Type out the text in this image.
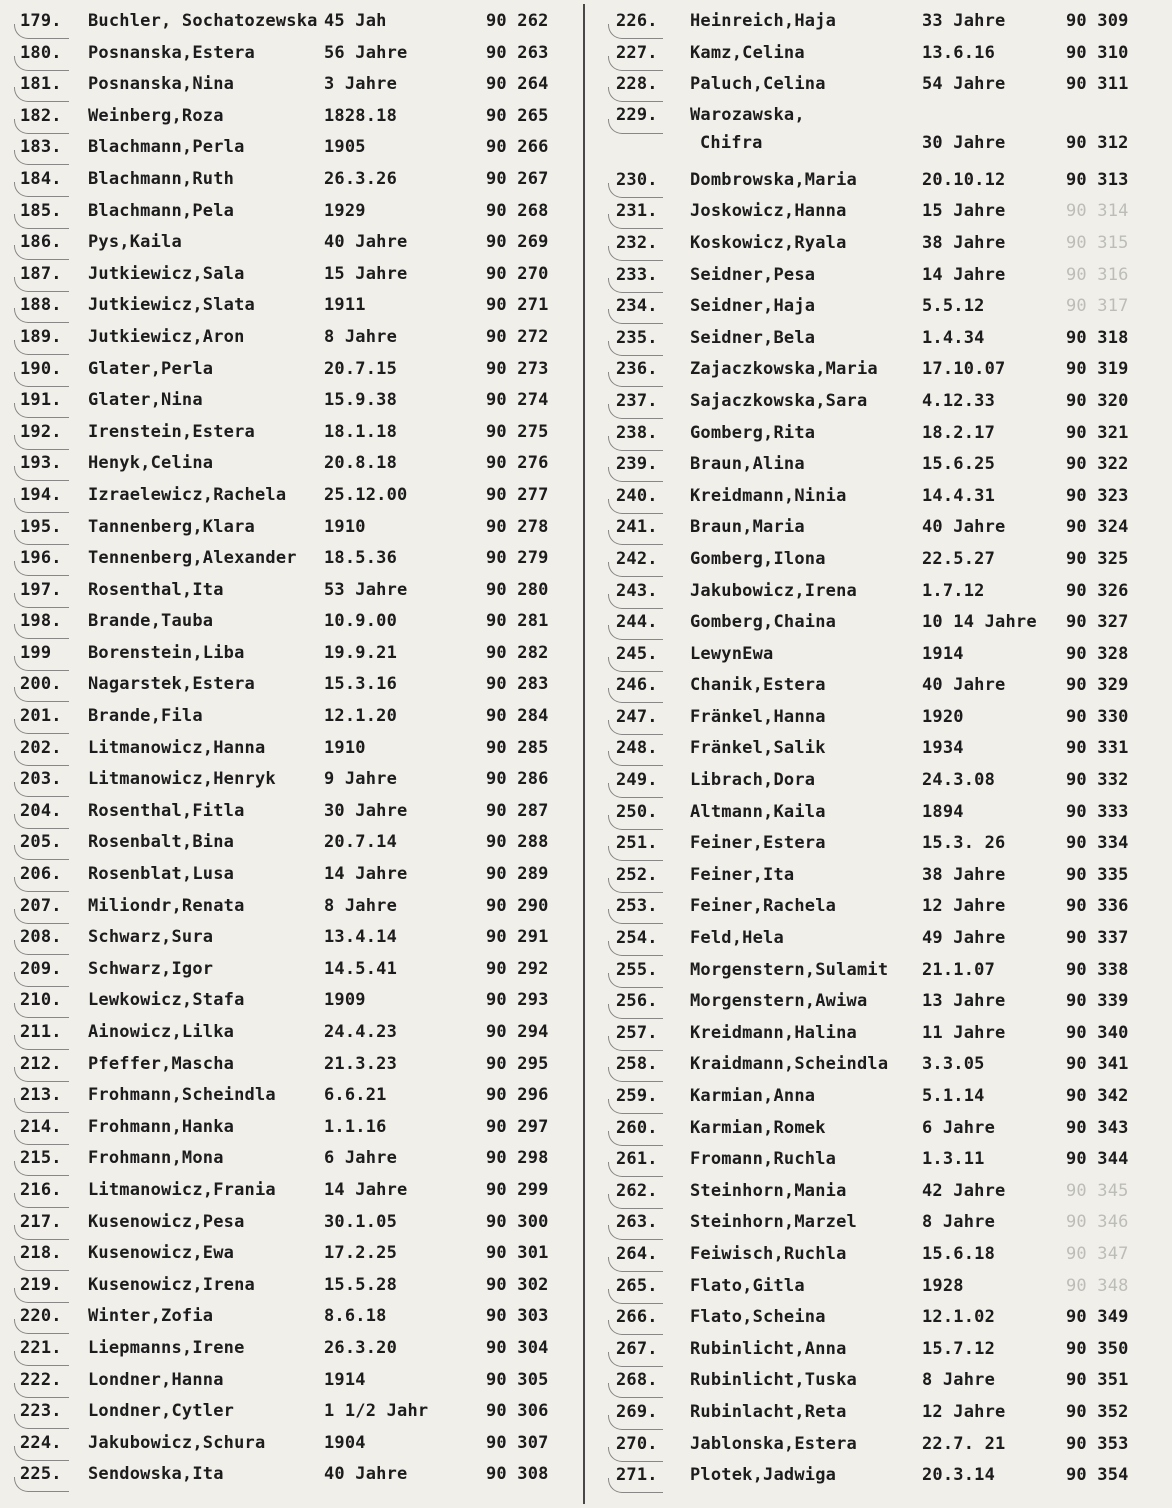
179.	Buchler, Sochatozewska 45 Jah	90 262
180.	Posnanska,Estera	56 Jahre	90 263
181.	Posnanska,Nina	3 Jahre	90 264
182.	Weinberg,Roza	1828.18	90 265
183.	Blachmann,Perla	1905	90 266
184.	Blachmann,Ruth	26.3.26	90 267
185.	Blachmann,Pela	1929	90 268
186.	Pys,Kaila	40 Jahre	90 269
187.	Jutkiewicz,Sala	15 Jahre	90 270
188.	Jutkiewicz,Slata	1911	90 271
189.	Jutkiewicz,Aron	8 Jahre	90 272
190.	Glater,Perla	20.7.15	90 273
191.	Glater,Nina	15.9.38	90 274
192.	Irenstein,Estera	18.1.18	90 275
193.	Henyk,Celina	20.8.18	90 276
194.	Izraelewicz,Rachela 25.12.00	90 277
195.	Tannenberg,Klara	1910	90 278
196.	Tennenberg,Alexander 18.5.36	90 279
197.	Rosenthal,Ita	53 Jahre	90 280
198.	Brande,Tauba	10.9.00	90 281
199	Borenstein,Liba	19.9.21	90 282
200.	Nagarstek,Estera	15.3.16	90 283
201.	Brande,Fila	12.1.20	90 284
202.	Litmanowicz,Hanna	1910	90 285
203.	Litmanowicz,Henryk	9 Jahre	90 286
204.	Rosenthal,Fitla	30 Jahre	90 287
205.	Rosenbalt,Bina	20.7.14	90 288
206.	Rosenblat,Lusa	14 Jahre	90 289
207.	Miliondr,Renata	8 Jahre	90 290
208.	Schwarz,Sura	13.4.14	90 291
209.	Schwarz,Igor	14.5.41	90 292
210.	Lewkowicz,Stafa	1909	90 293
211.	Ainowicz,Lilka	24.4.23	90 294
212.	Pfeffer,Mascha	21.3.23	90 295
213.	Frohmann,Scheindla	6.6.21	90 296
214.	Frohmann,Hanka	1.1.16	90 297
215.	Frohmann,Mona	6 Jahre	90 298
216.	Litmanowicz,Frania	14 Jahre	90 299
217.	Kusenowicz,Pesa	30.1.05	90 300
218.	Kusenowicz,Ewa	17.2.25	90 301
219.	Kusenowicz,Irena	15.5.28	90 302
220.	Winter,Zofia	8.6.18	90 303
221.	Liepmanns,Irene	26.3.20	90 304
222.	Londner,Hanna	1914	90 305
223.	Londner,Cytler	1 1/2 Jahr	90 306
224.	Jakubowicz,Schura	1904	90 307
225.	Sendowska,Ita	40 Jahre	90 308
226.	Heinreich,Haja	33 Jahre	90 309
227.	Kamz,Celina	13.6.16	90 310
228.	Paluch,Celina	54 Jahre	90 311
229.	Warozawska,
Chifra	30 Jahre	90 312
230.	Dombrowska,Maria	20.10.12	90 313
231.	Joskowicz,Hanna	15 Jahre	90 314
232.	Koskowicz,Ryala	38 Jahre	90 315
233.	Seidner,Pesa	14 Jahre	90 316
234.	Seidner,Haja	5.5.12	90 317
235.	Seidner,Bela	1.4.34	90 318
236.	Zajaczkowska,Maria	17.10.07	90 319
237.	Sajaczkowska,Sara	4.12.33	90 320
238.	Gomberg,Rita	18.2.17	90 321
239.	Braun,Alina	15.6.25	90 322
240.	Kreidmann,Ninia	14.4.31	90 323
241.	Braun,Maria	40 Jahre	90 324
242.	Gomberg,Ilona	22.5.27	90 325
243.	Jakubowicz,Irena	1.7.12	90 326
244.	Gomberg,Chaina	10 14 Jahre 90 327
245.	LewynEwa	1914	90 328
246.	Chanik,Estera	40 Jahre	90 329
247.	Fränkel,Hanna	1920	90 330
248.	Fränkel,Salik	1934	90 331
249.	Librach,Dora	24.3.08	90 332
250.	Altmann,Kaila	1894	90 333
251.	Feiner,Estera	15.3. 26	90 334
252.	Feiner,Ita	38 Jahre	90 335
253.	Feiner,Rachela	12 Jahre	90 336
254.	Feld,Hela	49 Jahre	90 337
255.	Morgenstern,Sulamit 21.1.07	90 338
256.	Morgenstern,Awiwa	13 Jahre	90 339
257.	Kreidmann,Halina	11 Jahre	90 340
258.	Kraidmann,Scheindla 3.3.05	90 341
259.	Karmian,Anna	5.1.14	90 342
260.	Karmian,Romek	6 Jahre	90 343
261.	Fromann,Ruchla	1.3.11	90 344
262.	Steinhorn,Mania	42 Jahre	90 345
263.	Steinhorn,Marzel	8 Jahre	90 346
264.	Feiwisch,Ruchla	15.6.18	90 347
265.	Flato,Gitla	1928	90 348
266.	Flato,Scheina	12.1.02	90 349
267.	Rubinlicht,Anna	15.7.12	90 350
268.	Rubinlicht,Tuska	8 Jahre	90 351
269.	Rubinlacht,Reta	12 Jahre	90 352
270.	Jablonska,Estera	22.7. 21	90 353
271.	Plotek,Jadwiga	20.3.14	90 354
